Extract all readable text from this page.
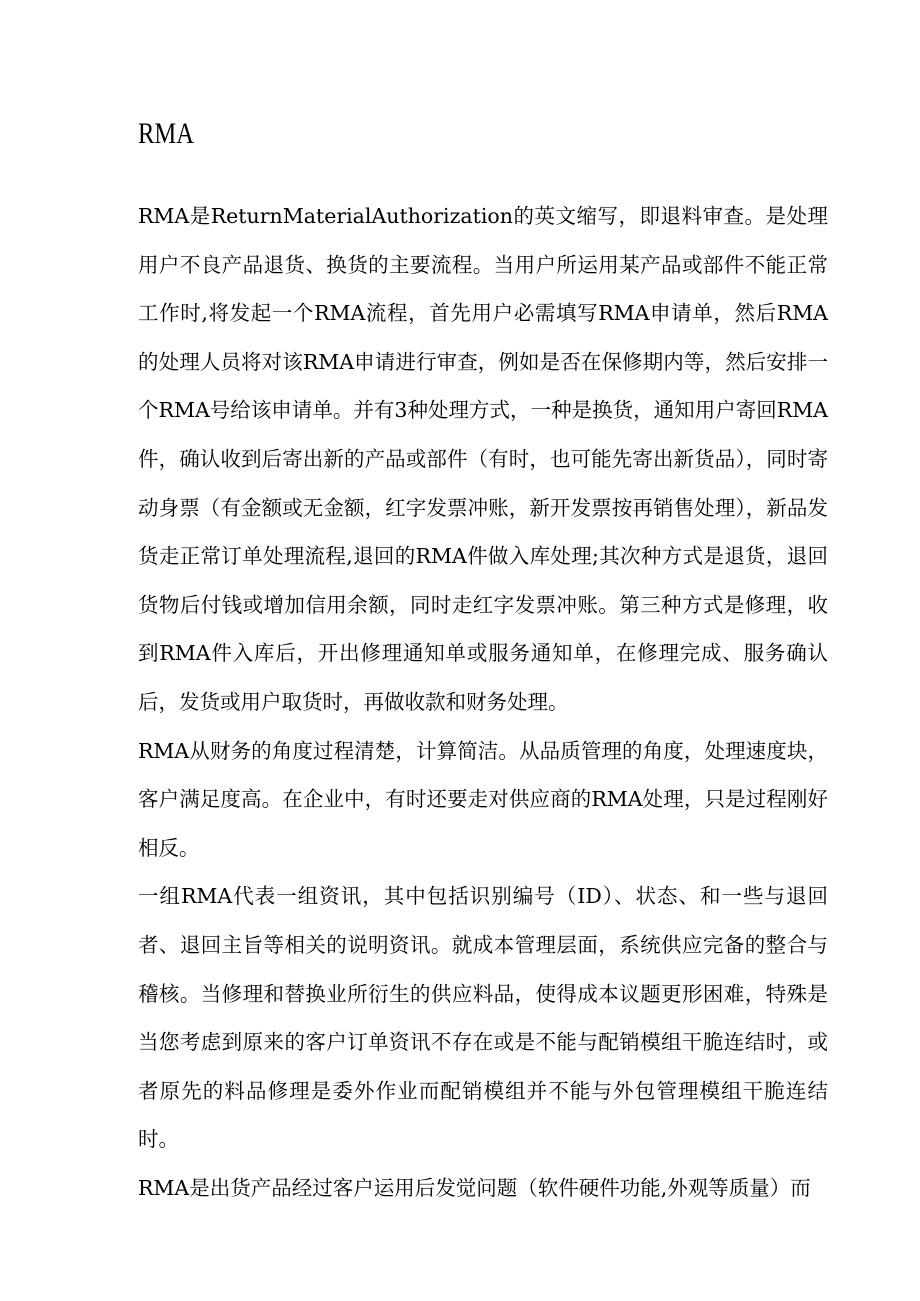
RMA

RMA是ReturnMaterialAuthorization的英文缩写，即退料审查。是处理用户不良产品退货、换货的主要流程。当用户所运用某产品或部件不能正常工作时,将发起一个RMA流程，首先用户必需填写RMA申请单，然后RMA的处理人员将对该RMA申请进行审查，例如是否在保修期内等，然后安排一个RMA号给该申请单。并有3种处理方式，一种是换货，通知用户寄回RMA件，确认收到后寄出新的产品或部件（有时，也可能先寄出新货品），同时寄动身票（有金额或无金额，红字发票冲账，新开发票按再销售处理），新品发货走正常订单处理流程,退回的RMA件做入库处理;其次种方式是退货，退回货物后付钱或增加信用余额，同时走红字发票冲账。第三种方式是修理，收到RMA件入库后，开出修理通知单或服务通知单，在修理完成、服务确认后，发货或用户取货时，再做收款和财务处理。

RMA从财务的角度过程清楚，计算简洁。从品质管理的角度，处理速度块，客户满足度高。在企业中，有时还要走对供应商的RMA处理，只是过程刚好相反。

一组RMA代表一组资讯，其中包括识别编号（ID）、状态、和一些与退回者、退回主旨等相关的说明资讯。就成本管理层面，系统供应完备的整合与稽核。当修理和替换业所衍生的供应料品，使得成本议题更形困难，特殊是当您考虑到原来的客户订单资讯不存在或是不能与配销模组干脆连结时，或者原先的料品修理是委外作业而配销模组并不能与外包管理模组干脆连结时。

RMA是出货产品经过客户运用后发觉问题（软件硬件功能,外观等质量）而
